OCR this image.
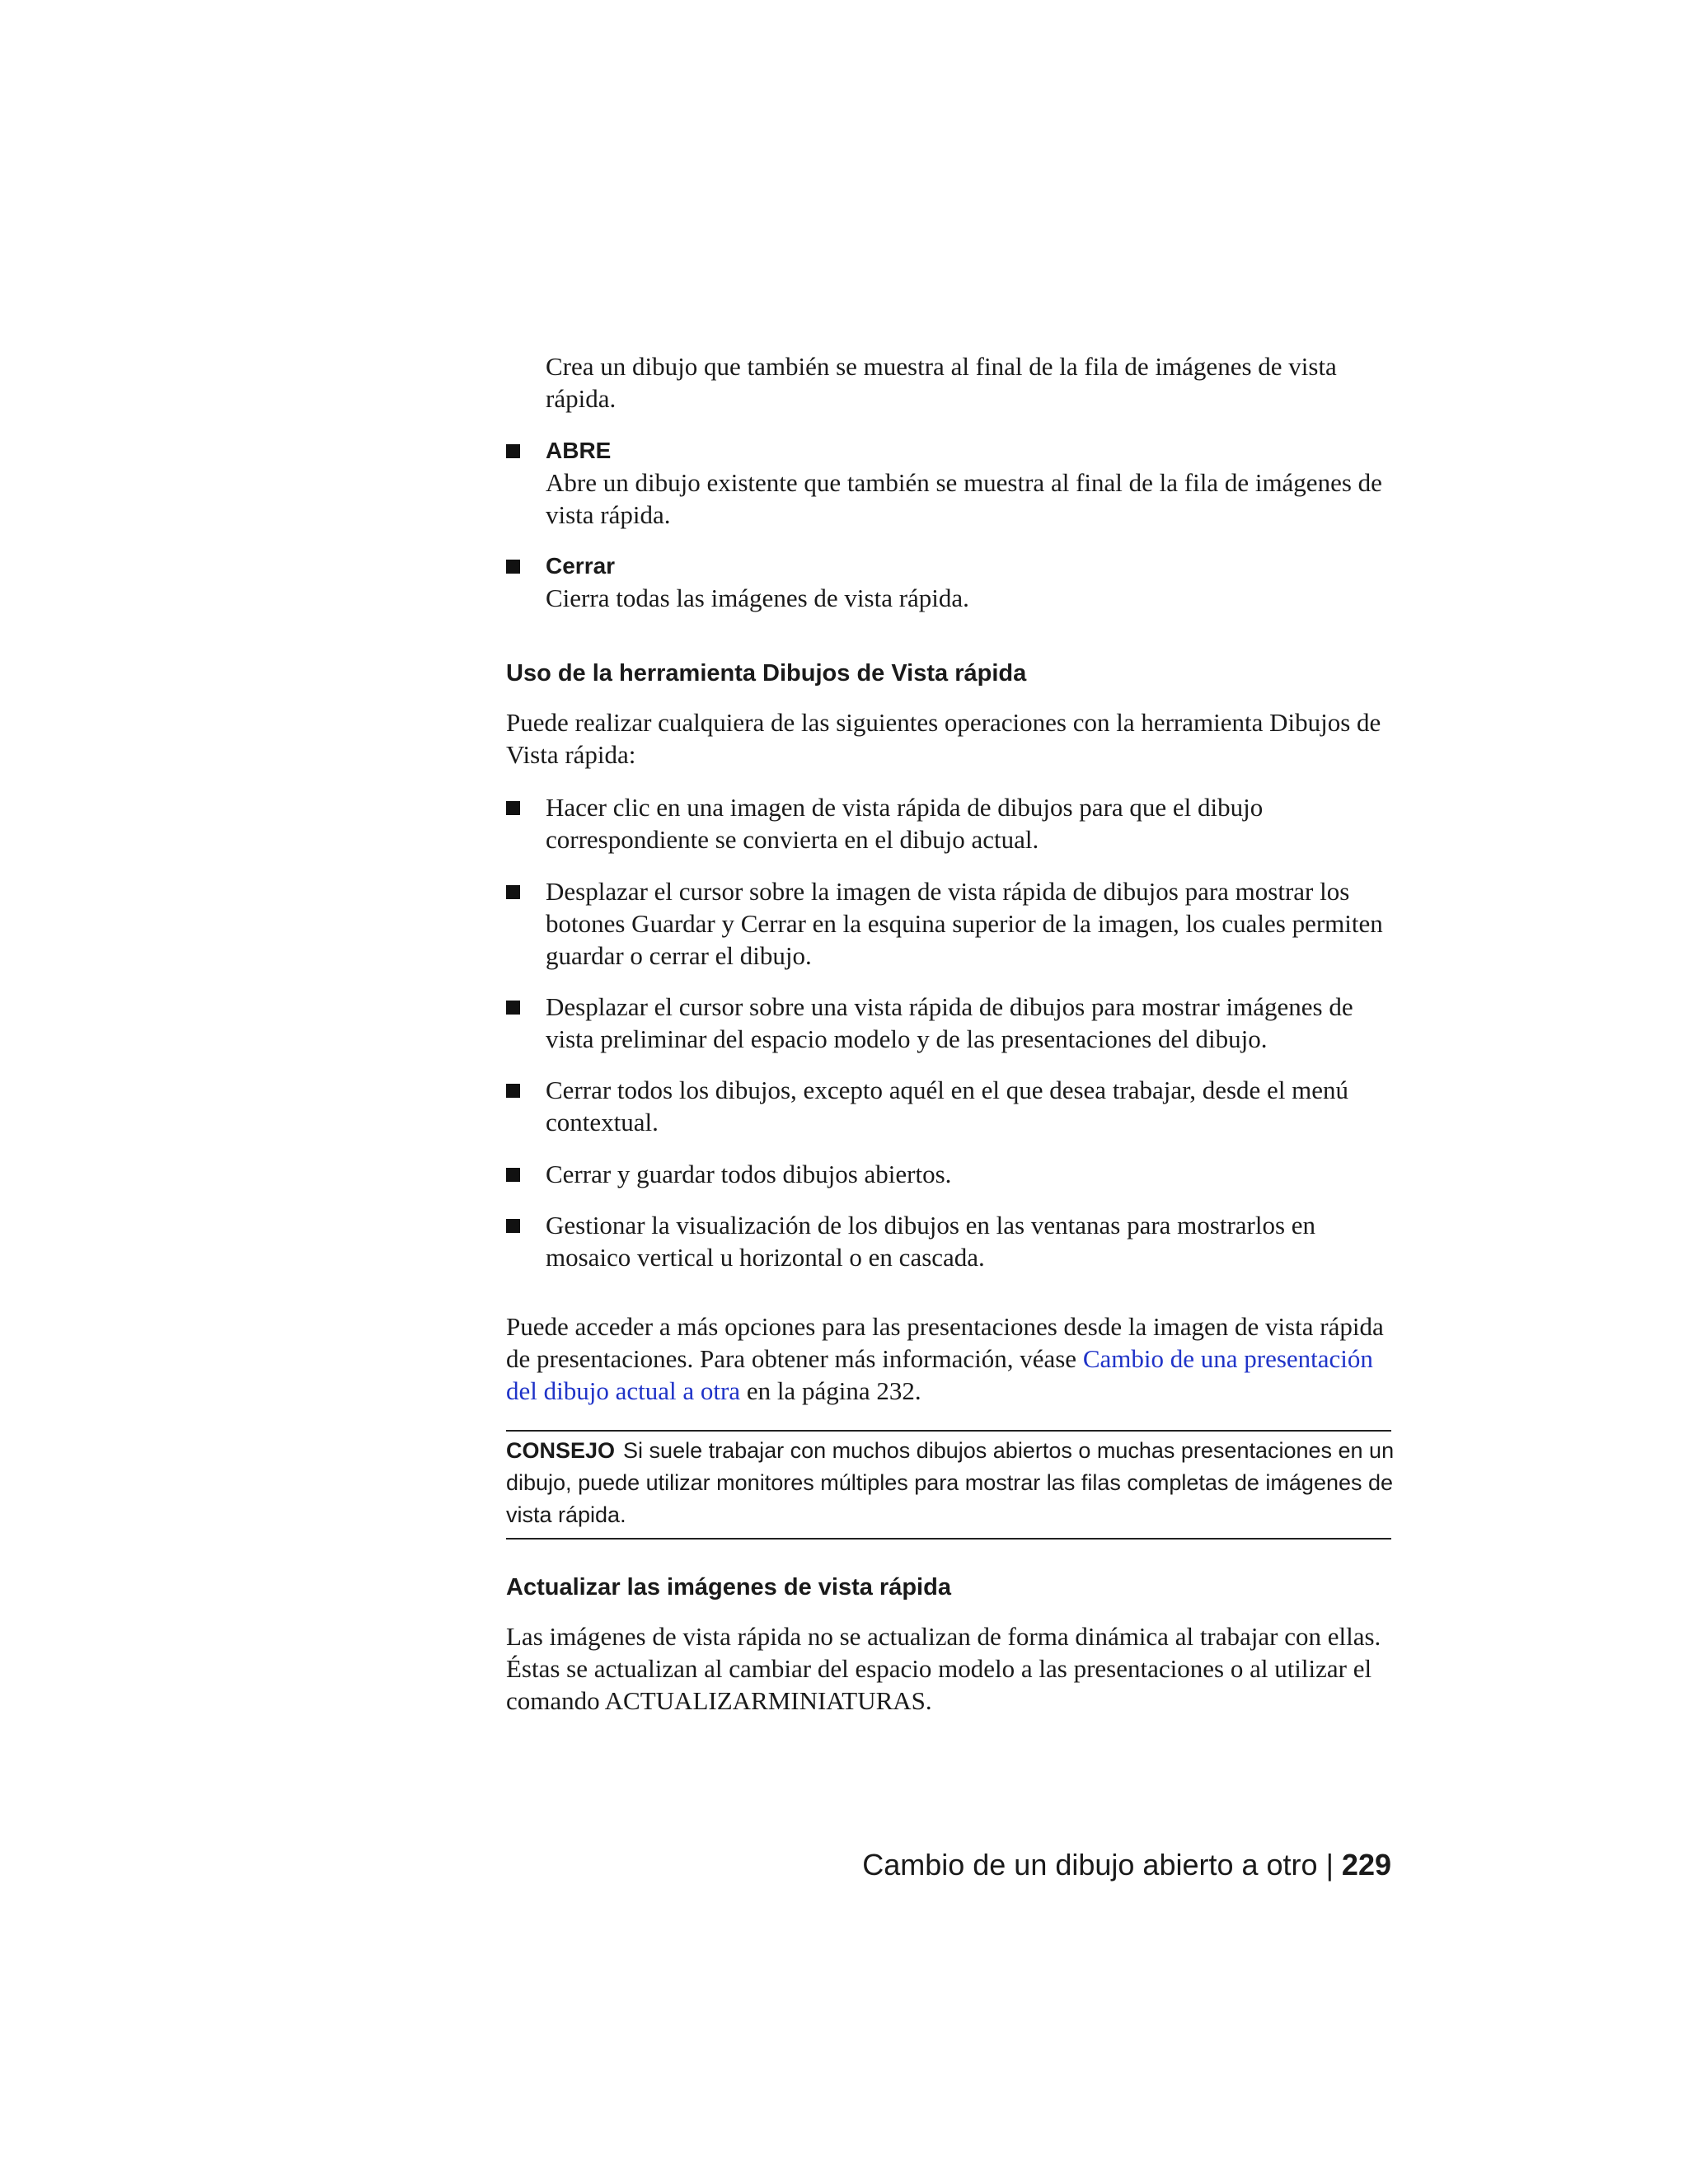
Crea un dibujo que también se muestra al final de la fila de imágenes de vista rápida.
ABRE
Abre un dibujo existente que también se muestra al final de la fila de imágenes de vista rápida.
Cerrar
Cierra todas las imágenes de vista rápida.
Uso de la herramienta Dibujos de Vista rápida
Puede realizar cualquiera de las siguientes operaciones con la herramienta Dibujos de Vista rápida:
Hacer clic en una imagen de vista rápida de dibujos para que el dibujo correspondiente se convierta en el dibujo actual.
Desplazar el cursor sobre la imagen de vista rápida de dibujos para mostrar los botones Guardar y Cerrar en la esquina superior de la imagen, los cuales permiten guardar o cerrar el dibujo.
Desplazar el cursor sobre una vista rápida de dibujos para mostrar imágenes de vista preliminar del espacio modelo y de las presentaciones del dibujo.
Cerrar todos los dibujos, excepto aquél en el que desea trabajar, desde el menú contextual.
Cerrar y guardar todos dibujos abiertos.
Gestionar la visualización de los dibujos en las ventanas para mostrarlos en mosaico vertical u horizontal o en cascada.
Puede acceder a más opciones para las presentaciones desde la imagen de vista rápida de presentaciones. Para obtener más información, véase Cambio de una presentación del dibujo actual a otra en la página 232.
CONSEJO Si suele trabajar con muchos dibujos abiertos o muchas presentaciones en un dibujo, puede utilizar monitores múltiples para mostrar las filas completas de imágenes de vista rápida.
Actualizar las imágenes de vista rápida
Las imágenes de vista rápida no se actualizan de forma dinámica al trabajar con ellas. Éstas se actualizan al cambiar del espacio modelo a las presentaciones o al utilizar el comando ACTUALIZARMINIATURAS.
Cambio de un dibujo abierto a otro | 229
